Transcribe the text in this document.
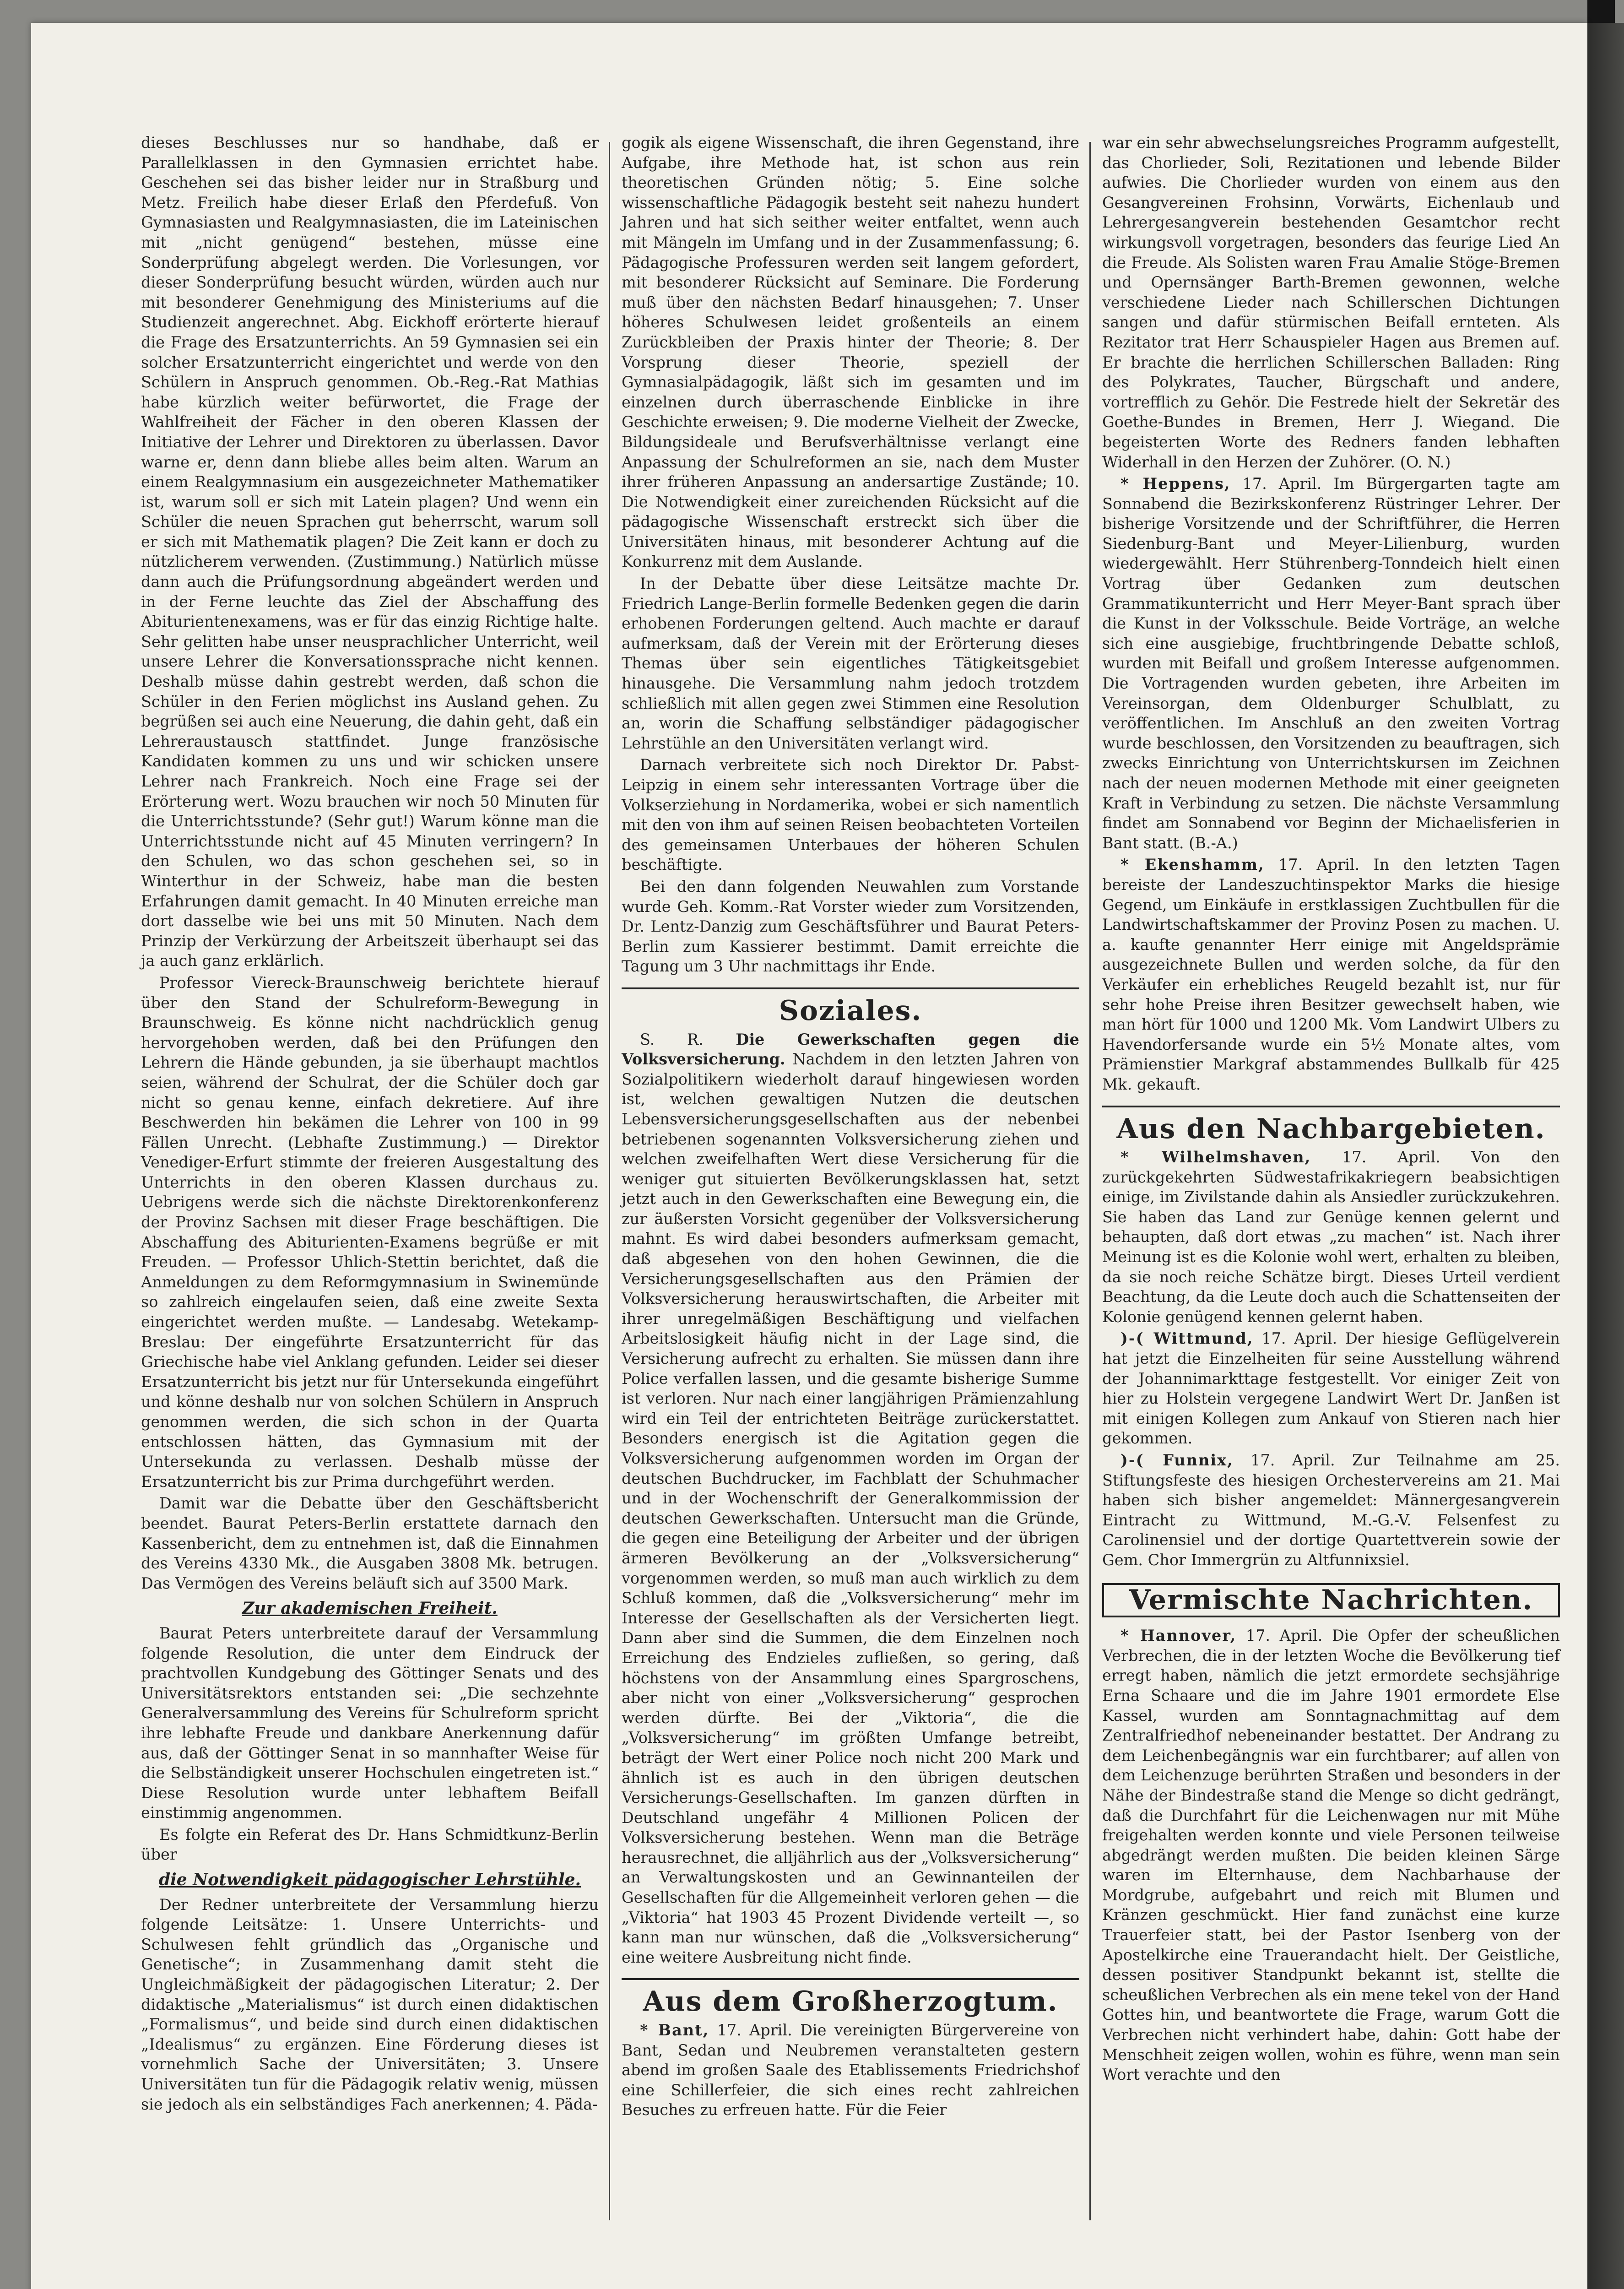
dieses Beschlusses nur so handhabe, daß er Parallelklassen in den Gymnasien errichtet habe. Geschehen sei das bisher leider nur in Straßburg und Metz. Freilich habe dieser Erlaß den Pferdefuß. Von Gymnasiasten und Realgymnasiasten, die im Lateinischen mit „nicht genügend“ bestehen, müsse eine Sonderprüfung abgelegt werden. Die Vorlesungen, vor dieser Sonderprüfung besucht würden, würden auch nur mit besonderer Genehmigung des Ministeriums auf die Studienzeit angerechnet. Abg. Eickhoff erörterte hierauf die Frage des Ersatzunterrichts. An 59 Gymnasien sei ein solcher Ersatzunterricht eingerichtet und werde von den Schülern in Anspruch genommen. Ob.-Reg.-Rat Mathias habe kürzlich weiter befürwortet, die Frage der Wahlfreiheit der Fächer in den oberen Klassen der Initiative der Lehrer und Direktoren zu überlassen. Davor warne er, denn dann bliebe alles beim alten. Warum an einem Realgymnasium ein ausgezeichneter Mathematiker ist, warum soll er sich mit Latein plagen? Und wenn ein Schüler die neuen Sprachen gut beherrscht, warum soll er sich mit Mathematik plagen? Die Zeit kann er doch zu nützlicherem verwenden. (Zustimmung.) Natürlich müsse dann auch die Prüfungsordnung abgeändert werden und in der Ferne leuchte das Ziel der Abschaffung des Abiturientenexamens, was er für das einzig Richtige halte. Sehr gelitten habe unser neusprachlicher Unterricht, weil unsere Lehrer die Konversationssprache nicht kennen. Deshalb müsse dahin gestrebt werden, daß schon die Schüler in den Ferien möglichst ins Ausland gehen. Zu begrüßen sei auch eine Neuerung, die dahin geht, daß ein Lehreraustausch stattfindet. Junge französische Kandidaten kommen zu uns und wir schicken unsere Lehrer nach Frankreich. Noch eine Frage sei der Erörterung wert. Wozu brauchen wir noch 50 Minuten für die Unterrichtsstunde? (Sehr gut!) Warum könne man die Unterrichtsstunde nicht auf 45 Minuten verringern? In den Schulen, wo das schon geschehen sei, so in Winterthur in der Schweiz, habe man die besten Erfahrungen damit gemacht. In 40 Minuten erreiche man dort dasselbe wie bei uns mit 50 Minuten. Nach dem Prinzip der Verkürzung der Arbeitszeit überhaupt sei das ja auch ganz erklärlich.

Professor Viereck-Braunschweig berichtete hierauf über den Stand der Schulreform-Bewegung in Braunschweig. Es könne nicht nachdrücklich genug hervorgehoben werden, daß bei den Prüfungen den Lehrern die Hände gebunden, ja sie überhaupt machtlos seien, während der Schulrat, der die Schüler doch gar nicht so genau kenne, einfach dekretiere. Auf ihre Beschwerden hin bekämen die Lehrer von 100 in 99 Fällen Unrecht. (Lebhafte Zustimmung.) — Direktor Venediger-Erfurt stimmte der freieren Ausgestaltung des Unterrichts in den oberen Klassen durchaus zu. Uebrigens werde sich die nächste Direktorenkonferenz der Provinz Sachsen mit dieser Frage beschäftigen. Die Abschaffung des Abiturienten-Examens begrüße er mit Freuden. — Professor Uhlich-Stettin berichtet, daß die Anmeldungen zu dem Reformgymnasium in Swinemünde so zahlreich eingelaufen seien, daß eine zweite Sexta eingerichtet werden mußte. — Landesabg. Wetekamp-Breslau: Der eingeführte Ersatzunterricht für das Griechische habe viel Anklang gefunden. Leider sei dieser Ersatzunterricht bis jetzt nur für Untersekunda eingeführt und könne deshalb nur von solchen Schülern in Anspruch genommen werden, die sich schon in der Quarta entschlossen hätten, das Gymnasium mit der Untersekunda zu verlassen. Deshalb müsse der Ersatzunterricht bis zur Prima durchgeführt werden.

Damit war die Debatte über den Geschäftsbericht beendet. Baurat Peters-Berlin erstattete darnach den Kassenbericht, dem zu entnehmen ist, daß die Einnahmen des Vereins 4330 Mk., die Ausgaben 3808 Mk. betrugen. Das Vermögen des Vereins beläuft sich auf 3500 Mark.

Zur akademischen Freiheit.

Baurat Peters unterbreitete darauf der Versammlung folgende Resolution, die unter dem Eindruck der prachtvollen Kundgebung des Göttinger Senats und des Universitätsrektors entstanden sei: „Die sechzehnte Generalversammlung des Vereins für Schulreform spricht ihre lebhafte Freude und dankbare Anerkennung dafür aus, daß der Göttinger Senat in so mannhafter Weise für die Selbständigkeit unserer Hochschulen eingetreten ist.“ Diese Resolution wurde unter lebhaftem Beifall einstimmig angenommen.

Es folgte ein Referat des Dr. Hans Schmidtkunz-Berlin über

die Notwendigkeit pädagogischer Lehrstühle.

Der Redner unterbreitete der Versammlung hierzu folgende Leitsätze: 1. Unsere Unterrichts- und Schulwesen fehlt gründlich das „Organische und Genetische“; in Zusammenhang damit steht die Ungleichmäßigkeit der pädagogischen Literatur; 2. Der didaktische „Materialismus“ ist durch einen didaktischen „Formalismus“, und beide sind durch einen didaktischen „Idealismus“ zu ergänzen. Eine Förderung dieses ist vornehmlich Sache der Universitäten; 3. Unsere Universitäten tun für die Pädagogik relativ wenig, müssen sie jedoch als ein selbständiges Fach anerkennen; 4. Päda-

gogik als eigene Wissenschaft, die ihren Gegenstand, ihre Aufgabe, ihre Methode hat, ist schon aus rein theoretischen Gründen nötig; 5. Eine solche wissenschaftliche Pädagogik besteht seit nahezu hundert Jahren und hat sich seither weiter entfaltet, wenn auch mit Mängeln im Umfang und in der Zusammenfassung; 6. Pädagogische Professuren werden seit langem gefordert, mit besonderer Rücksicht auf Seminare. Die Forderung muß über den nächsten Bedarf hinausgehen; 7. Unser höheres Schulwesen leidet großenteils an einem Zurückbleiben der Praxis hinter der Theorie; 8. Der Vorsprung dieser Theorie, speziell der Gymnasialpädagogik, läßt sich im gesamten und im einzelnen durch überraschende Einblicke in ihre Geschichte erweisen; 9. Die moderne Vielheit der Zwecke, Bildungsideale und Berufsverhältnisse verlangt eine Anpassung der Schulreformen an sie, nach dem Muster ihrer früheren Anpassung an andersartige Zustände; 10. Die Notwendigkeit einer zureichenden Rücksicht auf die pädagogische Wissenschaft erstreckt sich über die Universitäten hinaus, mit besonderer Achtung auf die Konkurrenz mit dem Auslande.

In der Debatte über diese Leitsätze machte Dr. Friedrich Lange-Berlin formelle Bedenken gegen die darin erhobenen Forderungen geltend. Auch machte er darauf aufmerksam, daß der Verein mit der Erörterung dieses Themas über sein eigentliches Tätigkeitsgebiet hinausgehe. Die Versammlung nahm jedoch trotzdem schließlich mit allen gegen zwei Stimmen eine Resolution an, worin die Schaffung selbständiger pädagogischer Lehrstühle an den Universitäten verlangt wird.

Darnach verbreitete sich noch Direktor Dr. Pabst-Leipzig in einem sehr interessanten Vortrage über die Volkserziehung in Nordamerika, wobei er sich namentlich mit den von ihm auf seinen Reisen beobachteten Vorteilen des gemeinsamen Unterbaues der höheren Schulen beschäftigte.

Bei den dann folgenden Neuwahlen zum Vorstande wurde Geh. Komm.-Rat Vorster wieder zum Vorsitzenden, Dr. Lentz-Danzig zum Geschäftsführer und Baurat Peters-Berlin zum Kassierer bestimmt. Damit erreichte die Tagung um 3 Uhr nachmittags ihr Ende.

Soziales.

S. R. Die Gewerkschaften gegen die Volksversicherung. Nachdem in den letzten Jahren von Sozialpolitikern wiederholt darauf hingewiesen worden ist, welchen gewaltigen Nutzen die deutschen Lebensversicherungsgesellschaften aus der nebenbei betriebenen sogenannten Volksversicherung ziehen und welchen zweifelhaften Wert diese Versicherung für die weniger gut situierten Bevölkerungsklassen hat, setzt jetzt auch in den Gewerkschaften eine Bewegung ein, die zur äußersten Vorsicht gegenüber der Volksversicherung mahnt. Es wird dabei besonders aufmerksam gemacht, daß abgesehen von den hohen Gewinnen, die die Versicherungsgesellschaften aus den Prämien der Volksversicherung herauswirtschaften, die Arbeiter mit ihrer unregelmäßigen Beschäftigung und vielfachen Arbeitslosigkeit häufig nicht in der Lage sind, die Versicherung aufrecht zu erhalten. Sie müssen dann ihre Police verfallen lassen, und die gesamte bisherige Summe ist verloren. Nur nach einer langjährigen Prämienzahlung wird ein Teil der entrichteten Beiträge zurückerstattet. Besonders energisch ist die Agitation gegen die Volksversicherung aufgenommen worden im Organ der deutschen Buchdrucker, im Fachblatt der Schuhmacher und in der Wochenschrift der Generalkommission der deutschen Gewerkschaften. Untersucht man die Gründe, die gegen eine Beteiligung der Arbeiter und der übrigen ärmeren Bevölkerung an der „Volksversicherung“ vorgenommen werden, so muß man auch wirklich zu dem Schluß kommen, daß die „Volksversicherung“ mehr im Interesse der Gesellschaften als der Versicherten liegt. Dann aber sind die Summen, die dem Einzelnen noch Erreichung des Endzieles zufließen, so gering, daß höchstens von der Ansammlung eines Spargroschens, aber nicht von einer „Volksversicherung“ gesprochen werden dürfte. Bei der „Viktoria“, die die „Volksversicherung“ im größten Umfange betreibt, beträgt der Wert einer Police noch nicht 200 Mark und ähnlich ist es auch in den übrigen deutschen Versicherungs-Gesellschaften. Im ganzen dürften in Deutschland ungefähr 4 Millionen Policen der Volksversicherung bestehen. Wenn man die Beträge herausrechnet, die alljährlich aus der „Volksversicherung“ an Verwaltungskosten und an Gewinnanteilen der Gesellschaften für die Allgemeinheit verloren gehen — die „Viktoria“ hat 1903 45 Prozent Dividende verteilt —, so kann man nur wünschen, daß die „Volksversicherung“ eine weitere Ausbreitung nicht finde.

Aus dem Großherzogtum.

* Bant, 17. April. Die vereinigten Bürgervereine von Bant, Sedan und Neubremen veranstalteten gestern abend im großen Saale des Etablissements Friedrichshof eine Schillerfeier, die sich eines recht zahlreichen Besuches zu erfreuen hatte. Für die Feier

war ein sehr abwechselungsreiches Programm aufgestellt, das Chorlieder, Soli, Rezitationen und lebende Bilder aufwies. Die Chorlieder wurden von einem aus den Gesangvereinen Frohsinn, Vorwärts, Eichenlaub und Lehrergesangverein bestehenden Gesamtchor recht wirkungsvoll vorgetragen, besonders das feurige Lied An die Freude. Als Solisten waren Frau Amalie Stöge-Bremen und Opernsänger Barth-Bremen gewonnen, welche verschiedene Lieder nach Schillerschen Dichtungen sangen und dafür stürmischen Beifall ernteten. Als Rezitator trat Herr Schauspieler Hagen aus Bremen auf. Er brachte die herrlichen Schillerschen Balladen: Ring des Polykrates, Taucher, Bürgschaft und andere, vortrefflich zu Gehör. Die Festrede hielt der Sekretär des Goethe-Bundes in Bremen, Herr J. Wiegand. Die begeisterten Worte des Redners fanden lebhaften Widerhall in den Herzen der Zuhörer. (O. N.)

* Heppens, 17. April. Im Bürgergarten tagte am Sonnabend die Bezirkskonferenz Rüstringer Lehrer. Der bisherige Vorsitzende und der Schriftführer, die Herren Siedenburg-Bant und Meyer-Lilienburg, wurden wiedergewählt. Herr Stührenberg-Tonndeich hielt einen Vortrag über Gedanken zum deutschen Grammatikunterricht und Herr Meyer-Bant sprach über die Kunst in der Volksschule. Beide Vorträge, an welche sich eine ausgiebige, fruchtbringende Debatte schloß, wurden mit Beifall und großem Interesse aufgenommen. Die Vortragenden wurden gebeten, ihre Arbeiten im Vereinsorgan, dem Oldenburger Schulblatt, zu veröffentlichen. Im Anschluß an den zweiten Vortrag wurde beschlossen, den Vorsitzenden zu beauftragen, sich zwecks Einrichtung von Unterrichtskursen im Zeichnen nach der neuen modernen Methode mit einer geeigneten Kraft in Verbindung zu setzen. Die nächste Versammlung findet am Sonnabend vor Beginn der Michaelisferien in Bant statt. (B.-A.)

* Ekenshamm, 17. April. In den letzten Tagen bereiste der Landeszuchtinspektor Marks die hiesige Gegend, um Einkäufe in erstklassigen Zuchtbullen für die Landwirtschaftskammer der Provinz Posen zu machen. U. a. kaufte genannter Herr einige mit Angeldsprämie ausgezeichnete Bullen und werden solche, da für den Verkäufer ein erhebliches Reugeld bezahlt ist, nur für sehr hohe Preise ihren Besitzer gewechselt haben, wie man hört für 1000 und 1200 Mk. Vom Landwirt Ulbers zu Havendorfersande wurde ein 5½ Monate altes, vom Prämienstier Markgraf abstammendes Bullkalb für 425 Mk. gekauft.

Aus den Nachbargebieten.

* Wilhelmshaven, 17. April. Von den zurückgekehrten Südwestafrikakriegern beabsichtigen einige, im Zivilstande dahin als Ansiedler zurückzukehren. Sie haben das Land zur Genüge kennen gelernt und behaupten, daß dort etwas „zu machen“ ist. Nach ihrer Meinung ist es die Kolonie wohl wert, erhalten zu bleiben, da sie noch reiche Schätze birgt. Dieses Urteil verdient Beachtung, da die Leute doch auch die Schattenseiten der Kolonie genügend kennen gelernt haben.

)-( Wittmund, 17. April. Der hiesige Geflügelverein hat jetzt die Einzelheiten für seine Ausstellung während der Johannimarkttage festgestellt. Vor einiger Zeit von hier zu Holstein vergegene Landwirt Wert Dr. Janßen ist mit einigen Kollegen zum Ankauf von Stieren nach hier gekommen.

)-( Funnix, 17. April. Zur Teilnahme am 25. Stiftungsfeste des hiesigen Orchestervereins am 21. Mai haben sich bisher angemeldet: Männergesangverein Eintracht zu Wittmund, M.-G.-V. Felsenfest zu Carolinensiel und der dortige Quartettverein sowie der Gem. Chor Immergrün zu Altfunnixsiel.

Vermischte Nachrichten.

* Hannover, 17. April. Die Opfer der scheußlichen Verbrechen, die in der letzten Woche die Bevölkerung tief erregt haben, nämlich die jetzt ermordete sechsjährige Erna Schaare und die im Jahre 1901 ermordete Else Kassel, wurden am Sonntagnachmittag auf dem Zentralfriedhof nebeneinander bestattet. Der Andrang zu dem Leichenbegängnis war ein furchtbarer; auf allen von dem Leichenzuge berührten Straßen und besonders in der Nähe der Bindestraße stand die Menge so dicht gedrängt, daß die Durchfahrt für die Leichenwagen nur mit Mühe freigehalten werden konnte und viele Personen teilweise abgedrängt werden mußten. Die beiden kleinen Särge waren im Elternhause, dem Nachbarhause der Mordgrube, aufgebahrt und reich mit Blumen und Kränzen geschmückt. Hier fand zunächst eine kurze Trauerfeier statt, bei der Pastor Isenberg von der Apostelkirche eine Trauerandacht hielt. Der Geistliche, dessen positiver Standpunkt bekannt ist, stellte die scheußlichen Verbrechen als ein mene tekel von der Hand Gottes hin, und beantwortete die Frage, warum Gott die Verbrechen nicht verhindert habe, dahin: Gott habe der Menschheit zeigen wollen, wohin es führe, wenn man sein Wort verachte und den
